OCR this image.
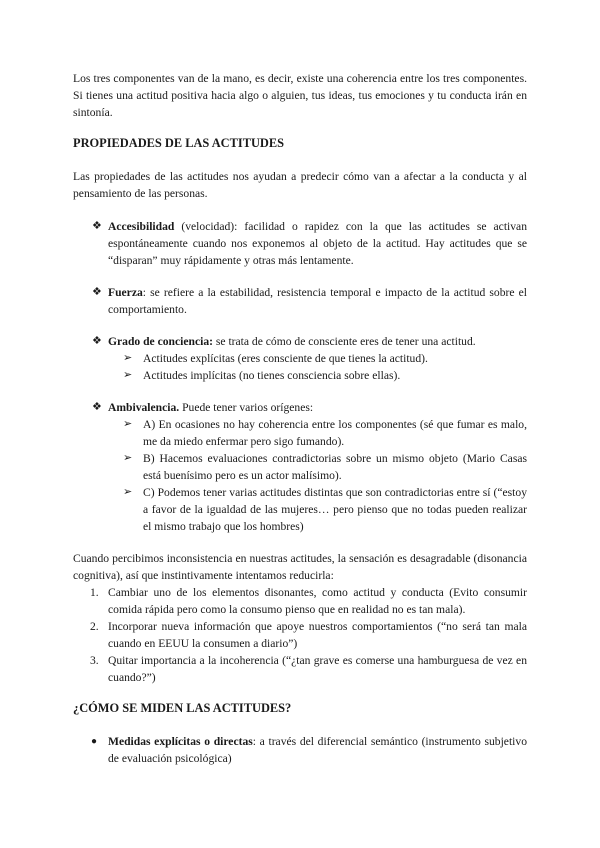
Los tres componentes van de la mano, es decir, existe una coherencia entre los tres componentes. Si tienes una actitud positiva hacia algo o alguien, tus ideas, tus emociones y tu conducta irán en sintonía.

PROPIEDADES DE LAS ACTITUDES

Las propiedades de las actitudes nos ayudan a predecir cómo van a afectar a la conducta y al pensamiento de las personas.

❖ Accesibilidad (velocidad): facilidad o rapidez con la que las actitudes se activan espontáneamente cuando nos exponemos al objeto de la actitud. Hay actitudes que se “disparan” muy rápidamente y otras más lentamente.
❖ Fuerza: se refiere a la estabilidad, resistencia temporal e impacto de la actitud sobre el comportamiento.
❖ Grado de conciencia: se trata de cómo de consciente eres de tener una actitud.
➢ Actitudes explícitas (eres consciente de que tienes la actitud).
➢ Actitudes implícitas (no tienes consciencia sobre ellas).
❖ Ambivalencia. Puede tener varios orígenes:
➢ A) En ocasiones no hay coherencia entre los componentes (sé que fumar es malo, me da miedo enfermar pero sigo fumando).
➢ B) Hacemos evaluaciones contradictorias sobre un mismo objeto (Mario Casas está buenísimo pero es un actor malísimo).
➢ C) Podemos tener varias actitudes distintas que son contradictorias entre sí (“estoy a favor de la igualdad de las mujeres… pero pienso que no todas pueden realizar el mismo trabajo que los hombres)

Cuando percibimos inconsistencia en nuestras actitudes, la sensación es desagradable (disonancia cognitiva), así que instintivamente intentamos reducirla:

1. Cambiar uno de los elementos disonantes, como actitud y conducta (Evito consumir comida rápida pero como la consumo pienso que en realidad no es tan mala).
2. Incorporar nueva información que apoye nuestros comportamientos (“no será tan mala cuando en EEUU la consumen a diario”)
3. Quitar importancia a la incoherencia (“¿tan grave es comerse una hamburguesa de vez en cuando?”)
¿CÓMO SE MIDEN LAS ACTITUDES?
● Medidas explícitas o directas: a través del diferencial semántico (instrumento subjetivo de evaluación psicológica)
